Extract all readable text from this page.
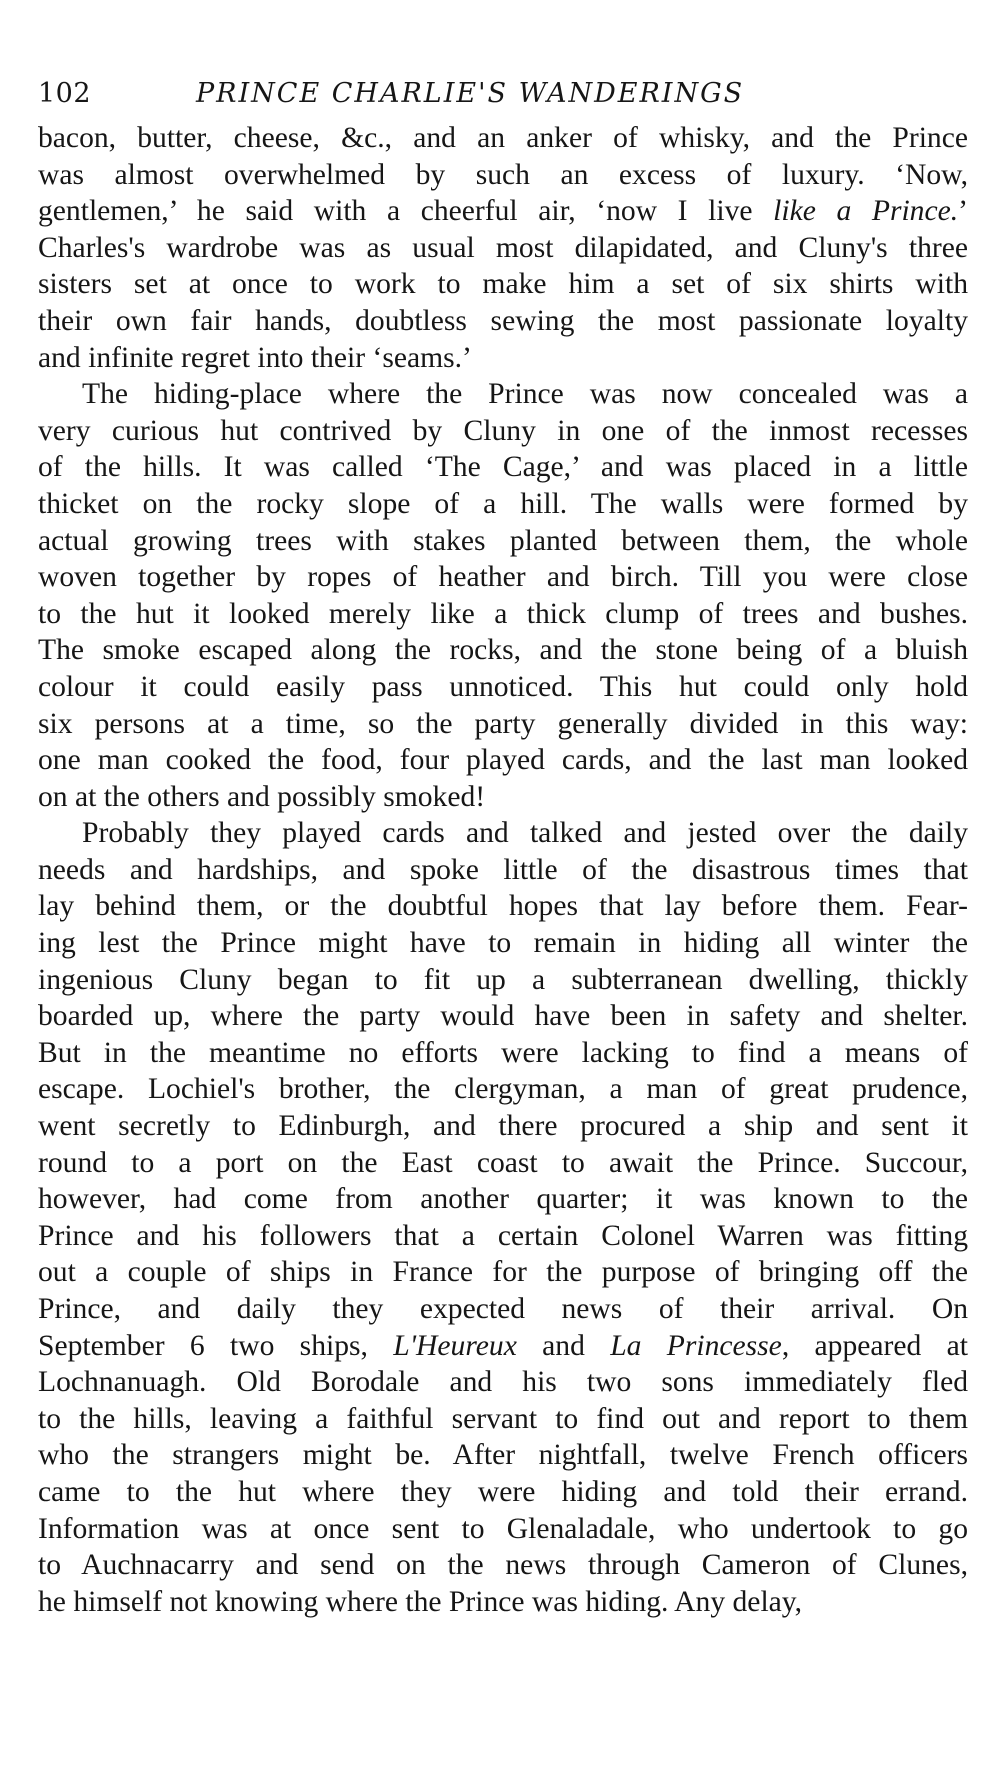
102	PRINCE CHARLIE'S WANDERINGS
bacon, butter, cheese, &c., and an anker of whisky, and the Prince
was almost overwhelmed by such an excess of luxury. ‘Now,
gentlemen,’ he said with a cheerful air, ‘now I live like a Prince.’
Charles's wardrobe was as usual most dilapidated, and Cluny's three
sisters set at once to work to make him a set of six shirts with
their own fair hands, doubtless sewing the most passionate loyalty
and infinite regret into their ‘seams.’
The hiding-place where the Prince was now concealed was a
very curious hut contrived by Cluny in one of the inmost recesses
of the hills. It was called ‘The Cage,’ and was placed in a little
thicket on the rocky slope of a hill. The walls were formed by
actual growing trees with stakes planted between them, the whole
woven together by ropes of heather and birch. Till you were close
to the hut it looked merely like a thick clump of trees and bushes.
The smoke escaped along the rocks, and the stone being of a bluish
colour it could easily pass unnoticed. This hut could only hold
six persons at a time, so the party generally divided in this way:
one man cooked the food, four played cards, and the last man looked
on at the others and possibly smoked!
Probably they played cards and talked and jested over the daily
needs and hardships, and spoke little of the disastrous times that
lay behind them, or the doubtful hopes that lay before them. Fear-
ing lest the Prince might have to remain in hiding all winter the
ingenious Cluny began to fit up a subterranean dwelling, thickly
boarded up, where the party would have been in safety and shelter.
But in the meantime no efforts were lacking to find a means of
escape. Lochiel's brother, the clergyman, a man of great prudence,
went secretly to Edinburgh, and there procured a ship and sent it
round to a port on the East coast to await the Prince. Succour,
however, had come from another quarter; it was known to the
Prince and his followers that a certain Colonel Warren was fitting
out a couple of ships in France for the purpose of bringing off the
Prince, and daily they expected news of their arrival. On
September 6 two ships, L'Heureux and La Princesse, appeared at
Lochnanuagh. Old Borodale and his two sons immediately fled
to the hills, leaving a faithful servant to find out and report to them
who the strangers might be. After nightfall, twelve French officers
came to the hut where they were hiding and told their errand.
Information was at once sent to Glenaladale, who undertook to go
to Auchnacarry and send on the news through Cameron of Clunes,
he himself not knowing where the Prince was hiding. Any delay,
